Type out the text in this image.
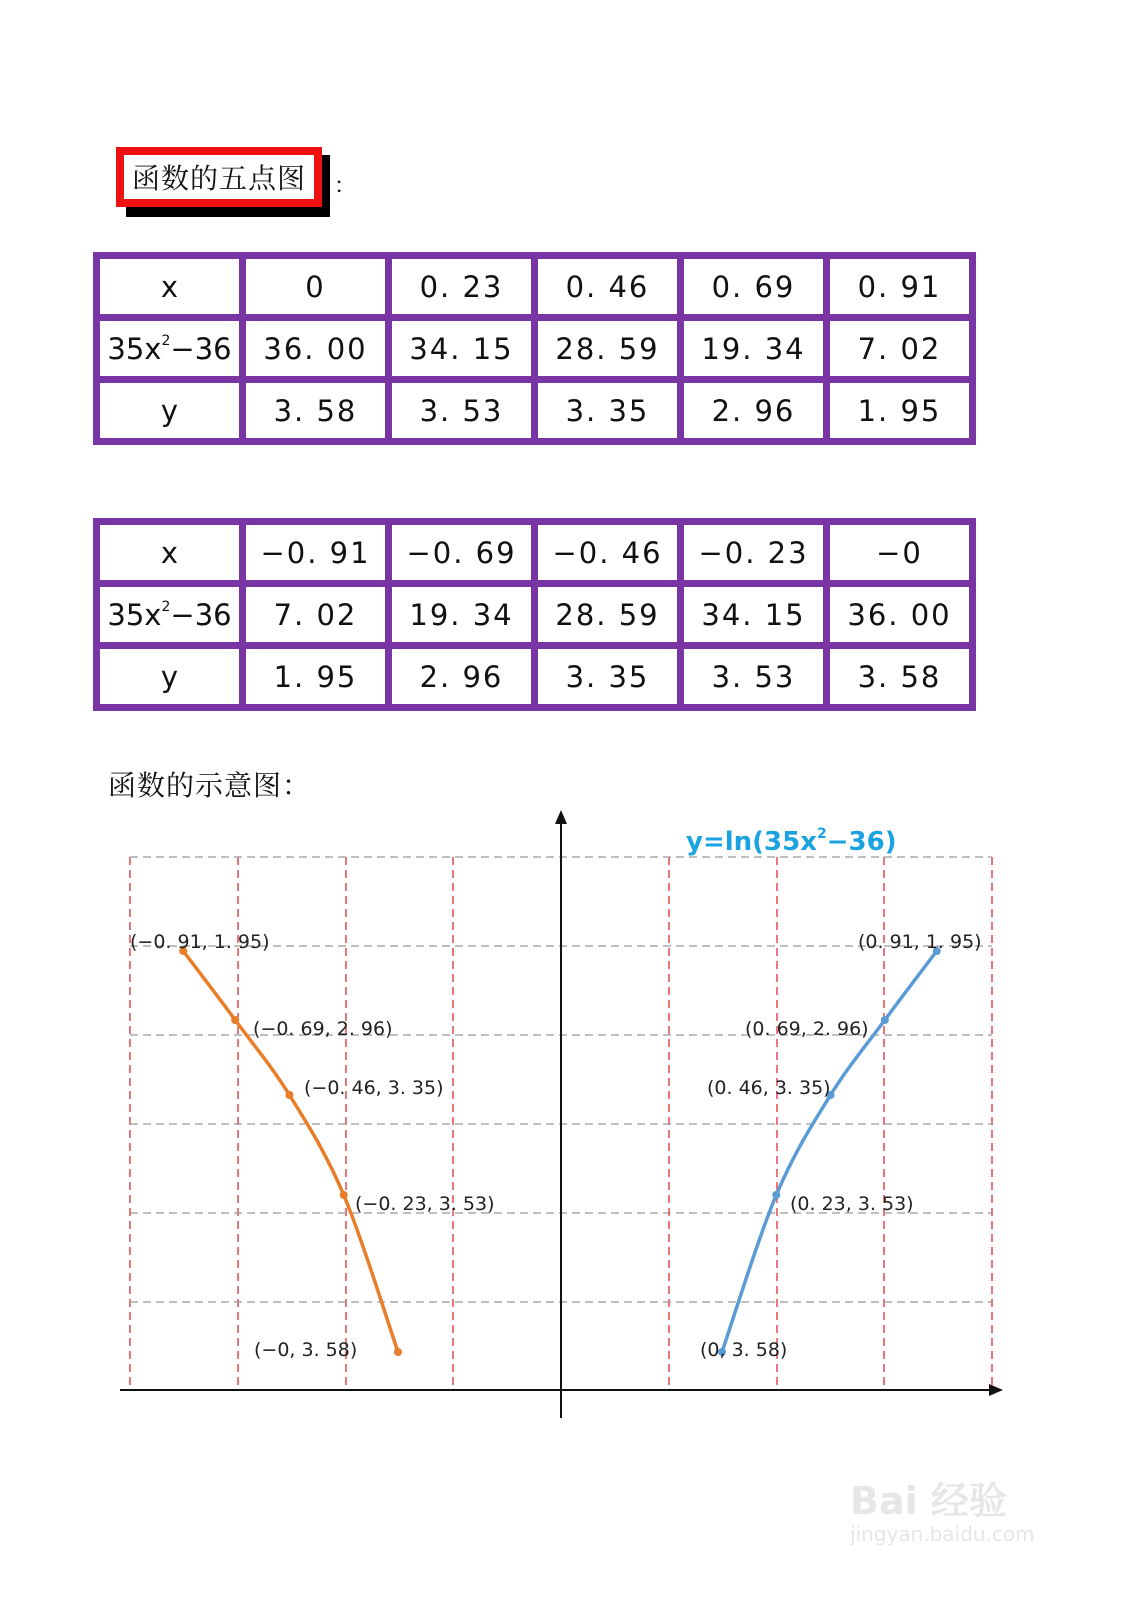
函数的五点图	：
x	0	0. 23	0. 46	0. 69	0. 91
$35x^2-36$	36. 00	34. 15	28. 59	19. 34	7. 02
y	3. 58	3. 53	3. 35	2. 96	1. 95
x	−0. 91	−0. 69	−0. 46	−0. 23	−0
$35x^2-36$	7. 02	19. 34	28. 59	34. 15	36. 00
y	1. 95	2. 96	3. 35	3. 53	3. 58
函数的示意图：
$y=\ln(35x^2-36)$
(−0. 91, 1. 95)
(−0. 69, 2. 96)
(−0. 46, 3. 35)
(−0. 23, 3. 53)
(−0, 3. 58)	(0, 3. 58)
(0. 23, 3. 53)
(0. 46, 3. 35)
(0. 69, 2. 96)
(0. 91, 1. 95)
Bai 经验
jingyan.baidu.com
